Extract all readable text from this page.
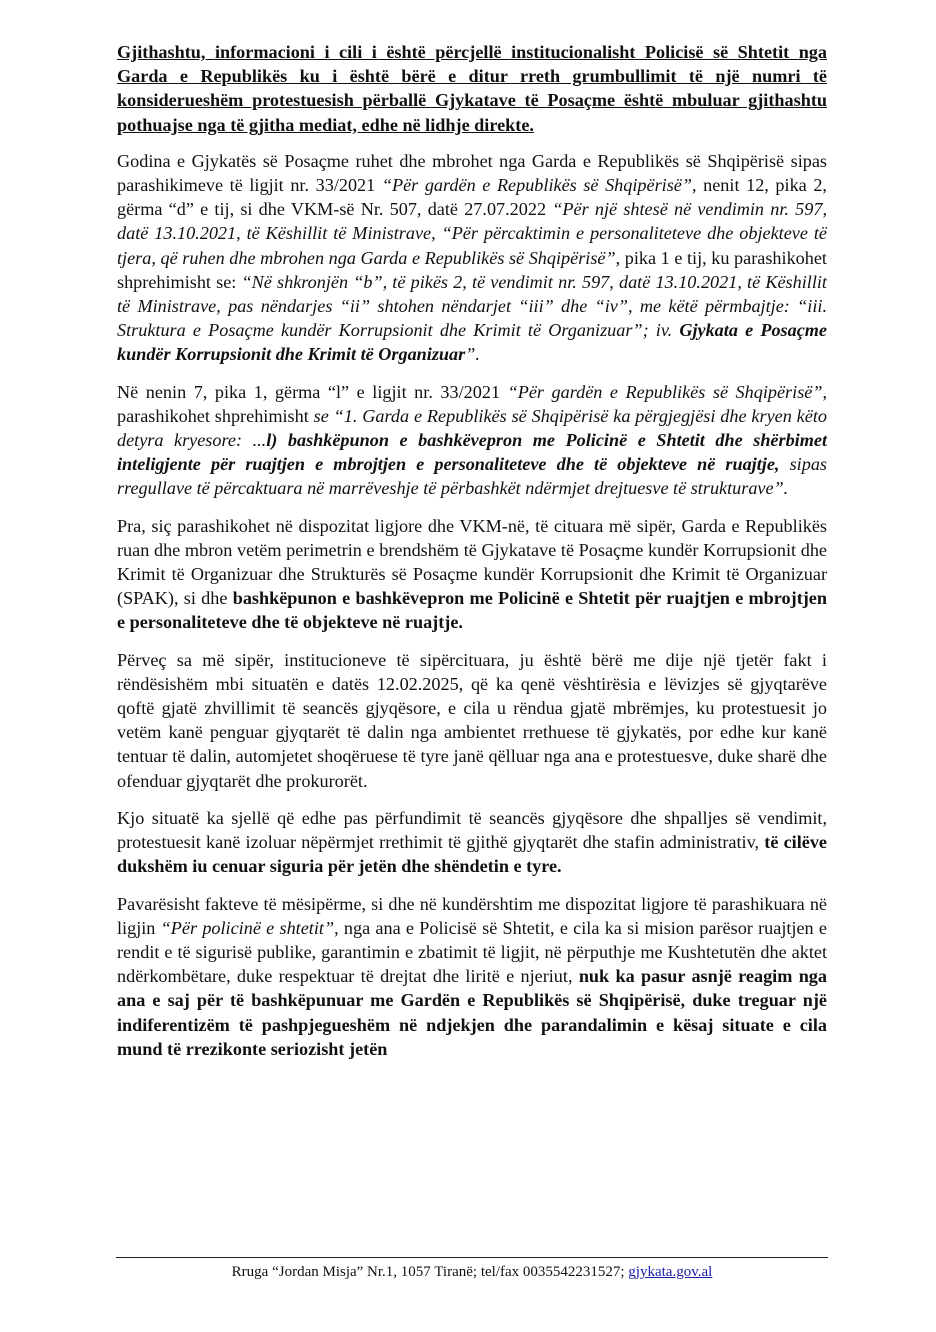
Gjithashtu, informacioni i cili i është përcjellë institucionalisht Policisë së Shtetit nga Garda e Republikës ku i është bërë e ditur rreth grumbullimit të një numri të konsiderueshëm protestuesish përballë Gjykatave të Posaçme është mbuluar gjithashtu pothuajse nga të gjitha mediat, edhe në lidhje direkte.

Godina e Gjykatës së Posaçme ruhet dhe mbrohet nga Garda e Republikës së Shqipërisë sipas parashikimeve të ligjit nr. 33/2021 “Për gardën e Republikës së Shqipërisë”, nenit 12, pika 2, gërma “d” e tij, si dhe VKM-së Nr. 507, datë 27.07.2022 “Për një shtesë në vendimin nr. 597, datë 13.10.2021, të Këshillit të Ministrave, “Për përcaktimin e personaliteteve dhe objekteve të tjera, që ruhen dhe mbrohen nga Garda e Republikës së Shqipërisë”, pika 1 e tij, ku parashikohet shprehimisht se: “Në shkronjën “b”, të pikës 2, të vendimit nr. 597, datë 13.10.2021, të Këshillit të Ministrave, pas nëndarjes “ii” shtohen nëndarjet “iii” dhe “iv”, me këtë përmbajtje: “iii. Struktura e Posaçme kundër Korrupsionit dhe Krimit të Organizuar”; iv. Gjykata e Posaçme kundër Korrupsionit dhe Krimit të Organizuar”.

Në nenin 7, pika 1, gërma “l” e ligjit nr. 33/2021 “Për gardën e Republikës së Shqipërisë”, parashikohet shprehimisht se “1. Garda e Republikës së Shqipërisë ka përgjegjësi dhe kryen këto detyra kryesore: ...l) bashkëpunon e bashkëvepron me Policinë e Shtetit dhe shërbimet inteligjente për ruajtjen e mbrojtjen e personaliteteve dhe të objekteve në ruajtje, sipas rregullave të përcaktuara në marrëveshje të përbashkët ndërmjet drejtuesve të strukturave”.

Pra, siç parashikohet në dispozitat ligjore dhe VKM-në, të cituara më sipër, Garda e Republikës ruan dhe mbron vetëm perimetrin e brendshëm të Gjykatave të Posaçme kundër Korrupsionit dhe Krimit të Organizuar dhe Strukturës së Posaçme kundër Korrupsionit dhe Krimit të Organizuar (SPAK), si dhe bashkëpunon e bashkëvepron me Policinë e Shtetit për ruajtjen e mbrojtjen e personaliteteve dhe të objekteve në ruajtje.

Përveç sa më sipër, institucioneve të sipërcituara, ju është bërë me dije një tjetër fakt i rëndësishëm mbi situatën e datës 12.02.2025, që ka qenë vështirësia e lëvizjes së gjyqtarëve qoftë gjatë zhvillimit të seancës gjyqësore, e cila u rëndua gjatë mbrëmjes, ku protestuesit jo vetëm kanë penguar gjyqtarët të dalin nga ambientet rrethuese të gjykatës, por edhe kur kanë tentuar të dalin, automjetet shoqëruese të tyre janë qëlluar nga ana e protestuesve, duke sharë dhe ofenduar gjyqtarët dhe prokurorët.

Kjo situatë ka sjellë që edhe pas përfundimit të seancës gjyqësore dhe shpalljes së vendimit, protestuesit kanë izoluar nëpërmjet rrethimit të gjithë gjyqtarët dhe stafin administrativ, të cilëve dukshëm iu cenuar siguria për jetën dhe shëndetin e tyre.

Pavarësisht fakteve të mësipërme, si dhe në kundërshtim me dispozitat ligjore të parashikuara në ligjin “Për policinë e shtetit”, nga ana e Policisë së Shtetit, e cila ka si mision parësor ruajtjen e rendit e të sigurisë publike, garantimin e zbatimit të ligjit, në përputhje me Kushtetutën dhe aktet ndërkombëtare, duke respektuar të drejtat dhe liritë e njeriut, nuk ka pasur asnjë reagim nga ana e saj për të bashkëpunuar me Gardën e Republikës së Shqipërisë, duke treguar një indiferentizëm të pashpjegueshëm në ndjekjen dhe parandalimin e kësaj situate e cila mund të rrezikonte seriozisht jetën

Rruga “Jordan Misja” Nr.1, 1057 Tiranë; tel/fax 0035542231527; gjykata.gov.al
